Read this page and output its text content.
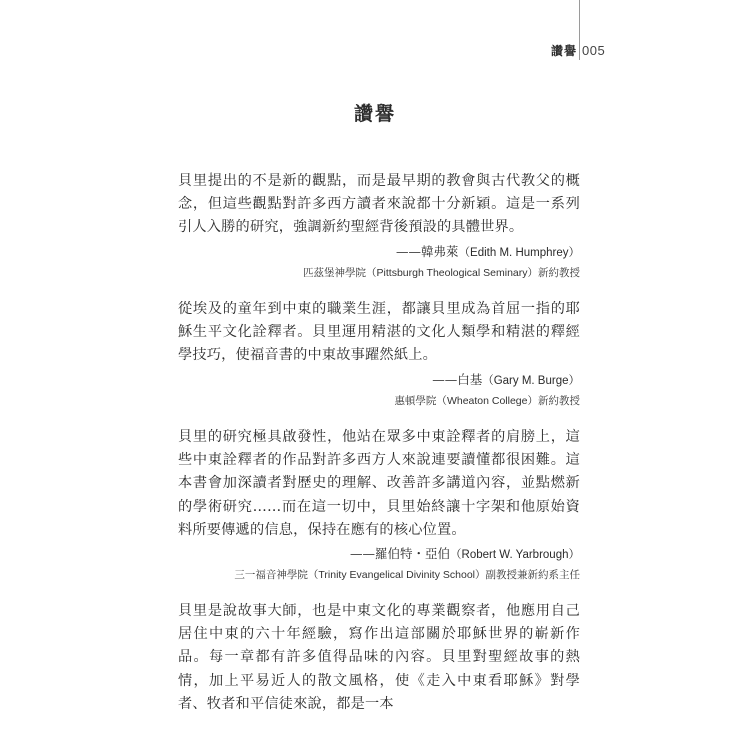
讚譽 005
讚譽

貝里提出的不是新的觀點，而是最早期的教會與古代教父的概念，但這些觀點對許多西方讀者來說都十分新穎。這是一系列引人入勝的研究，強調新約聖經背後預設的具體世界。

——韓弗萊（Edith M. Humphrey）
匹茲堡神學院（Pittsburgh Theological Seminary）新約教授

從埃及的童年到中東的職業生涯，都讓貝里成為首屈一指的耶穌生平文化詮釋者。貝里運用精湛的文化人類學和精湛的釋經學技巧，使福音書的中東故事躍然紙上。

——白基（Gary M. Burge）
惠頓學院（Wheaton College）新約教授

貝里的研究極具啟發性，他站在眾多中東詮釋者的肩膀上，這些中東詮釋者的作品對許多西方人來說連要讀懂都很困難。這本書會加深讀者對歷史的理解、改善許多講道內容，並點燃新的學術研究……而在這一切中，貝里始終讓十字架和他原始資料所要傳遞的信息，保持在應有的核心位置。

——羅伯特・亞伯（Robert W. Yarbrough）
三一福音神學院（Trinity Evangelical Divinity School）副教授兼新約系主任

貝里是說故事大師，也是中東文化的專業觀察者，他應用自己居住中東的六十年經驗，寫作出這部關於耶穌世界的嶄新作品。每一章都有許多值得品味的內容。貝里對聖經故事的熱情，加上平易近人的散文風格，使《走入中東看耶穌》對學者、牧者和平信徒來說，都是一本
